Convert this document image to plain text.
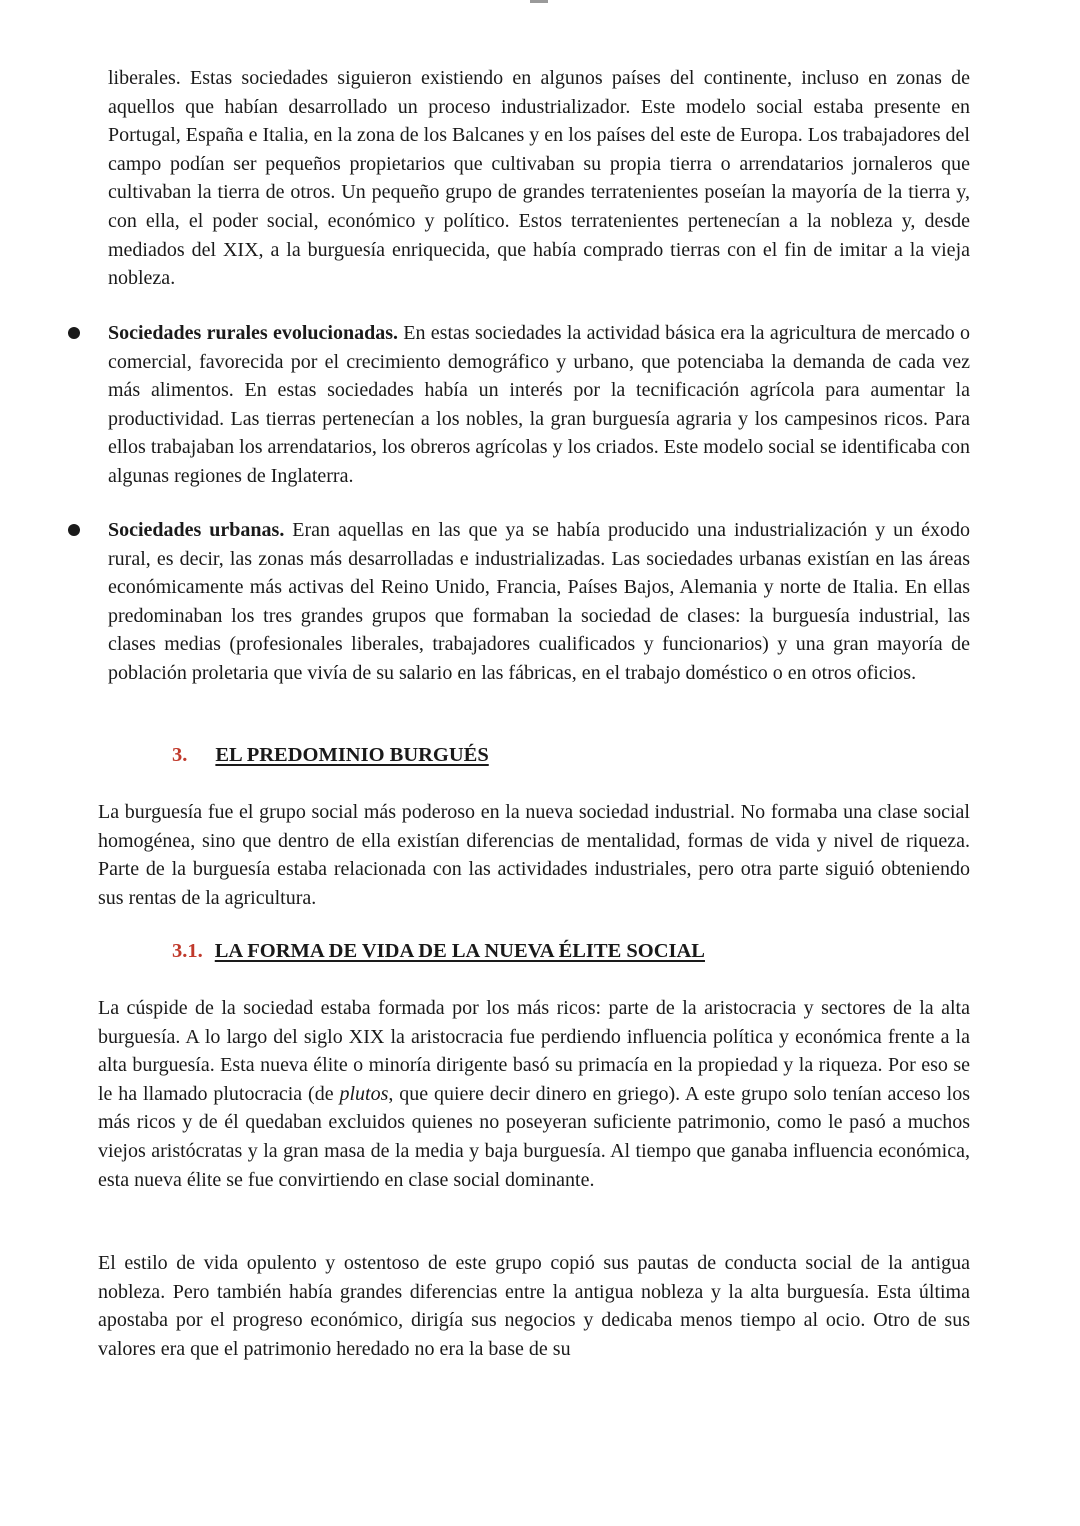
liberales. Estas sociedades siguieron existiendo en algunos países del continente, incluso en zonas de aquellos que habían desarrollado un proceso industrializador. Este modelo social estaba presente en Portugal, España e Italia, en la zona de los Balcanes y en los países del este de Europa. Los trabajadores del campo podían ser pequeños propietarios que cultivaban su propia tierra o arrendatarios jornaleros que cultivaban la tierra de otros. Un pequeño grupo de grandes terratenientes poseían la mayoría de la tierra y, con ella, el poder social, económico y político. Estos terratenientes pertenecían a la nobleza y, desde mediados del XIX, a la burguesía enriquecida, que había comprado tierras con el fin de imitar a la vieja nobleza.

Sociedades rurales evolucionadas. En estas sociedades la actividad básica era la agricultura de mercado o comercial, favorecida por el crecimiento demográfico y urbano, que potenciaba la demanda de cada vez más alimentos. En estas sociedades había un interés por la tecnificación agrícola para aumentar la productividad. Las tierras pertenecían a los nobles, la gran burguesía agraria y los campesinos ricos. Para ellos trabajaban los arrendatarios, los obreros agrícolas y los criados. Este modelo social se identificaba con algunas regiones de Inglaterra.

Sociedades urbanas. Eran aquellas en las que ya se había producido una industrialización y un éxodo rural, es decir, las zonas más desarrolladas e industrializadas. Las sociedades urbanas existían en las áreas económicamente más activas del Reino Unido, Francia, Países Bajos, Alemania y norte de Italia. En ellas predominaban los tres grandes grupos que formaban la sociedad de clases: la burguesía industrial, las clases medias (profesionales liberales, trabajadores cualificados y funcionarios) y una gran mayoría de población proletaria que vivía de su salario en las fábricas, en el trabajo doméstico o en otros oficios.

3. EL PREDOMINIO BURGUÉS

La burguesía fue el grupo social más poderoso en la nueva sociedad industrial. No formaba una clase social homogénea, sino que dentro de ella existían diferencias de mentalidad, formas de vida y nivel de riqueza. Parte de la burguesía estaba relacionada con las actividades industriales, pero otra parte siguió obteniendo sus rentas de la agricultura.

3.1. LA FORMA DE VIDA DE LA NUEVA ÉLITE SOCIAL

La cúspide de la sociedad estaba formada por los más ricos: parte de la aristocracia y sectores de la alta burguesía. A lo largo del siglo XIX la aristocracia fue perdiendo influencia política y económica frente a la alta burguesía. Esta nueva élite o minoría dirigente basó su primacía en la propiedad y la riqueza. Por eso se le ha llamado plutocracia (de plutos, que quiere decir dinero en griego). A este grupo solo tenían acceso los más ricos y de él quedaban excluidos quienes no poseyeran suficiente patrimonio, como le pasó a muchos viejos aristócratas y la gran masa de la media y baja burguesía. Al tiempo que ganaba influencia económica, esta nueva élite se fue convirtiendo en clase social dominante.

El estilo de vida opulento y ostentoso de este grupo copió sus pautas de conducta social de la antigua nobleza. Pero también había grandes diferencias entre la antigua nobleza y la alta burguesía. Esta última apostaba por el progreso económico, dirigía sus negocios y dedicaba menos tiempo al ocio. Otro de sus valores era que el patrimonio heredado no era la base de su
